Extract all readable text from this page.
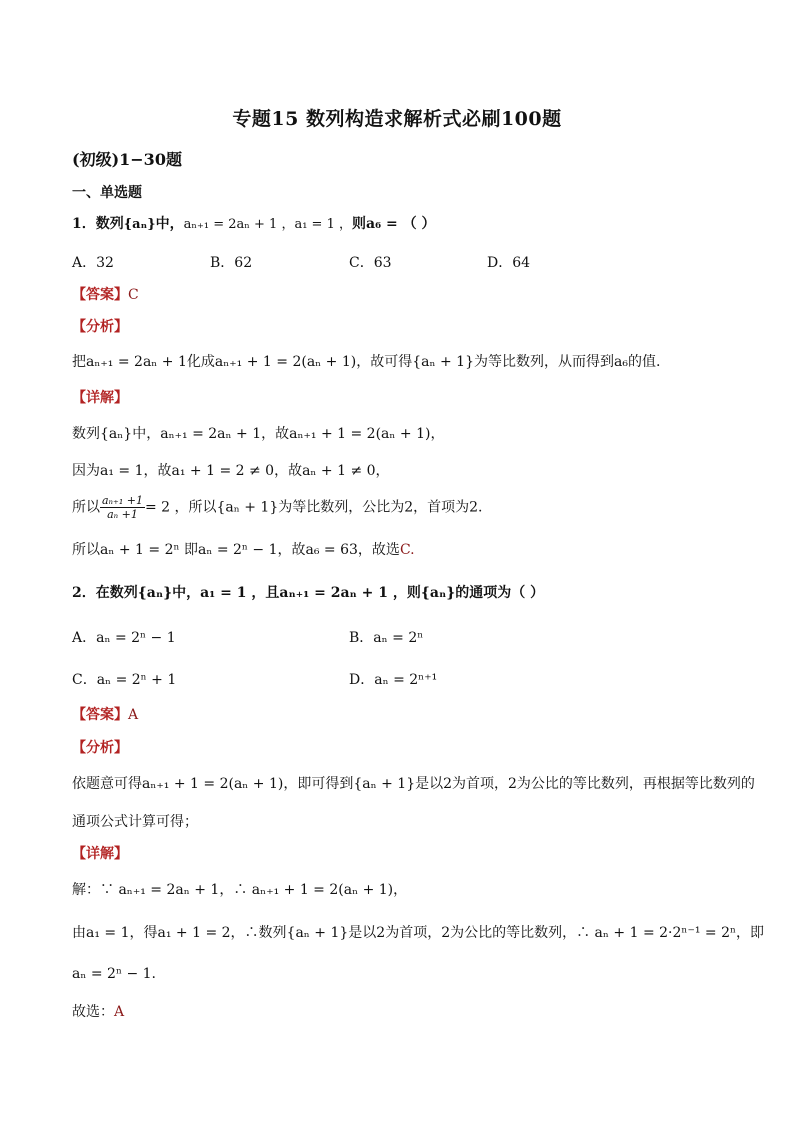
专题15 数列构造求解析式必刷100题
(初级)1−30题
一、单选题
1．数列{aₙ}中，aₙ₊₁ = 2aₙ + 1 ，a₁ = 1 ，则a₆ = （ ）
A．32	B．62	C．63	D．64
【答案】C
【分析】
把aₙ₊₁ = 2aₙ + 1化成aₙ₊₁ + 1 = 2(aₙ + 1)，故可得{aₙ + 1}为等比数列，从而得到a₆的值.
【详解】
数列{aₙ}中，aₙ₊₁ = 2aₙ + 1，故aₙ₊₁ + 1 = 2(aₙ + 1)，
因为a₁ = 1，故a₁ + 1 = 2 ≠ 0，故aₙ + 1 ≠ 0，
所以 $\frac{\text{aₙ₊₁ +1}}{\text{aₙ +1}} = 2$ ，所以{aₙ + 1}为等比数列，公比为2，首项为2.
所以aₙ + 1 = 2ⁿ 即aₙ = 2ⁿ − 1，故a₆ = 63，故选C.
2．在数列{aₙ}中，a₁ = 1 ，且aₙ₊₁ = 2aₙ + 1 ，则{aₙ}的通项为（ ）
A．aₙ = 2ⁿ − 1	B．aₙ = 2ⁿ
C．aₙ = 2ⁿ + 1	D．aₙ = 2ⁿ⁺¹
【答案】A
【分析】
依题意可得aₙ₊₁ + 1 = 2(aₙ + 1)，即可得到{aₙ + 1}是以2为首项，2为公比的等比数列，再根据等比数列的
通项公式计算可得；
【详解】
解：∵ aₙ₊₁ = 2aₙ + 1，∴ aₙ₊₁ + 1 = 2(aₙ + 1)，
由a₁ = 1，得a₁ + 1 = 2，∴数列{aₙ + 1}是以2为首项，2为公比的等比数列，∴ aₙ + 1 = 2·2ⁿ⁻¹ = 2ⁿ，即
aₙ = 2ⁿ − 1.
故选：A
